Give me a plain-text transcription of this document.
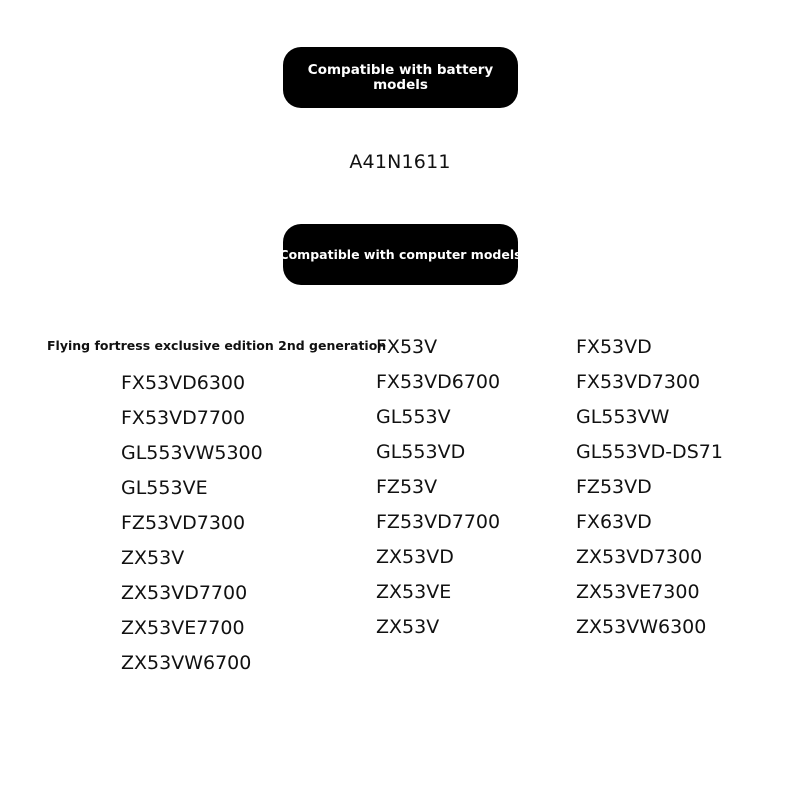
Compatible with battery models
A41N1611
Compatible with computer models
Flying fortress exclusive edition 2nd generation
FX53VD6300
FX53VD7700
GL553VW5300
GL553VE
FZ53VD7300
ZX53V
ZX53VD7700
ZX53VE7700
ZX53VW6700
FX53V
FX53VD6700
GL553V
GL553VD
FZ53V
FZ53VD7700
ZX53VD
ZX53VE
ZX53V
FX53VD
FX53VD7300
GL553VW
GL553VD-DS71
FZ53VD
FX63VD
ZX53VD7300
ZX53VE7300
ZX53VW6300
